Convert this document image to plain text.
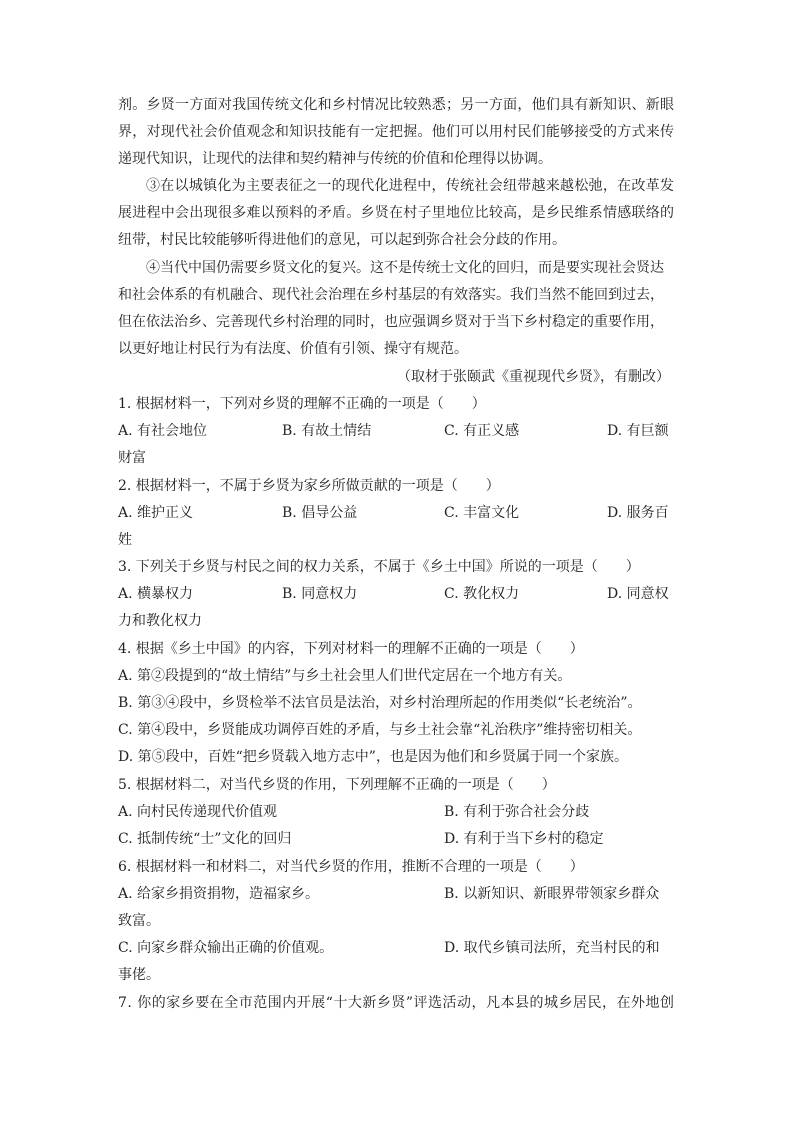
剂。乡贤一方面对我国传统文化和乡村情况比较熟悉；另一方面，他们具有新知识、新眼
界，对现代社会价值观念和知识技能有一定把握。他们可以用村民们能够接受的方式来传
递现代知识，让现代的法律和契约精神与传统的价值和伦理得以协调。
③在以城镇化为主要表征之一的现代化进程中，传统社会纽带越来越松弛，在改革发
展进程中会出现很多难以预料的矛盾。乡贤在村子里地位比较高，是乡民维系情感联络的
纽带，村民比较能够听得进他们的意见，可以起到弥合社会分歧的作用。
④当代中国仍需要乡贤文化的复兴。这不是传统士文化的回归，而是要实现社会贤达
和社会体系的有机融合、现代社会治理在乡村基层的有效落实。我们当然不能回到过去，
但在依法治乡、完善现代乡村治理的同时，也应强调乡贤对于当下乡村稳定的重要作用，
以更好地让村民行为有法度、价值有引领、操守有规范。
（取材于张颐武《重视现代乡贤》，有删改）
1. 根据材料一，下列对乡贤的理解不正确的一项是（　　）
A. 有社会地位	B. 有故土情结	C. 有正义感	D. 有巨额
财富
2. 根据材料一，不属于乡贤为家乡所做贡献的一项是（　　）
A. 维护正义	B. 倡导公益	C. 丰富文化	D. 服务百
姓
3. 下列关于乡贤与村民之间的权力关系，不属于《乡土中国》所说的一项是（　　）
A. 横暴权力	B. 同意权力	C. 教化权力	D. 同意权
力和教化权力
4. 根据《乡土中国》的内容，下列对材料一的理解不正确的一项是（　　）
A. 第②段提到的“故土情结”与乡土社会里人们世代定居在一个地方有关。
B. 第③④段中，乡贤检举不法官员是法治，对乡村治理所起的作用类似“长老统治”。
C. 第④段中，乡贤能成功调停百姓的矛盾，与乡土社会靠“礼治秩序”维持密切相关。
D. 第⑤段中，百姓“把乡贤载入地方志中”，也是因为他们和乡贤属于同一个家族。
5. 根据材料二，对当代乡贤的作用，下列理解不正确的一项是（　　）
A. 向村民传递现代价值观	B. 有利于弥合社会分歧
C. 抵制传统“士”文化的回归	D. 有利于当下乡村的稳定
6. 根据材料一和材料二，对当代乡贤的作用，推断不合理的一项是（　　）
A. 给家乡捐资捐物，造福家乡。	B. 以新知识、新眼界带领家乡群众
致富。
C. 向家乡群众输出正确的价值观。	D. 取代乡镇司法所，充当村民的和
事佬。
7. 你的家乡要在全市范围内开展“十大新乡贤”评选活动，凡本县的城乡居民，在外地创
